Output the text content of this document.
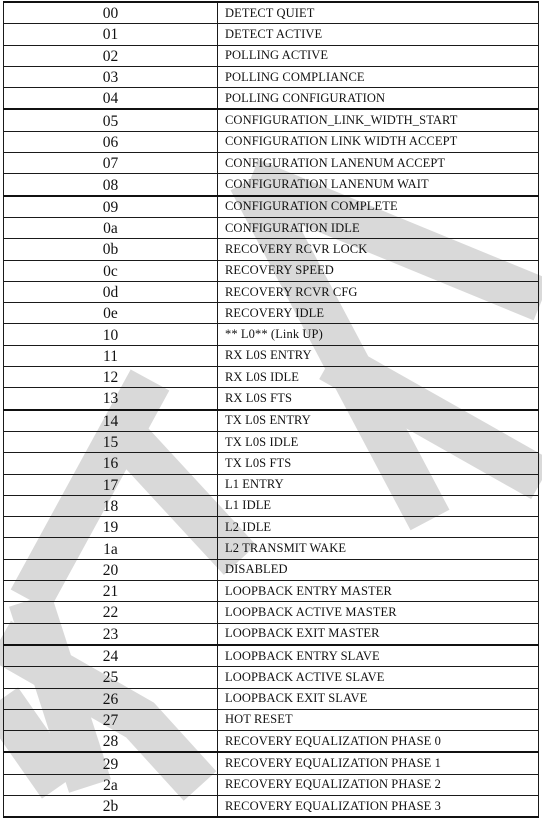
00	DETECT QUIET
01	DETECT ACTIVE
02	POLLING ACTIVE
03	POLLING COMPLIANCE
04	POLLING CONFIGURATION
05	CONFIGURATION_LINK_WIDTH_START
06	CONFIGURATION LINK WIDTH ACCEPT
07	CONFIGURATION LANENUM ACCEPT
08	CONFIGURATION LANENUM WAIT
09	CONFIGURATION COMPLETE
0a	CONFIGURATION IDLE
0b	RECOVERY RCVR LOCK
0c	RECOVERY SPEED
0d	RECOVERY RCVR CFG
0e	RECOVERY IDLE
10	** L0** (Link UP)
11	RX L0S ENTRY
12	RX L0S IDLE
13	RX L0S FTS
14	TX L0S ENTRY
15	TX L0S IDLE
16	TX L0S FTS
17	L1 ENTRY
18	L1 IDLE
19	L2 IDLE
1a	L2 TRANSMIT WAKE
20	DISABLED
21	LOOPBACK ENTRY MASTER
22	LOOPBACK ACTIVE MASTER
23	LOOPBACK EXIT MASTER
24	LOOPBACK ENTRY SLAVE
25	LOOPBACK ACTIVE SLAVE
26	LOOPBACK EXIT SLAVE
27	HOT RESET
28	RECOVERY EQUALIZATION PHASE 0
29	RECOVERY EQUALIZATION PHASE 1
2a	RECOVERY EQUALIZATION PHASE 2
2b	RECOVERY EQUALIZATION PHASE 3
